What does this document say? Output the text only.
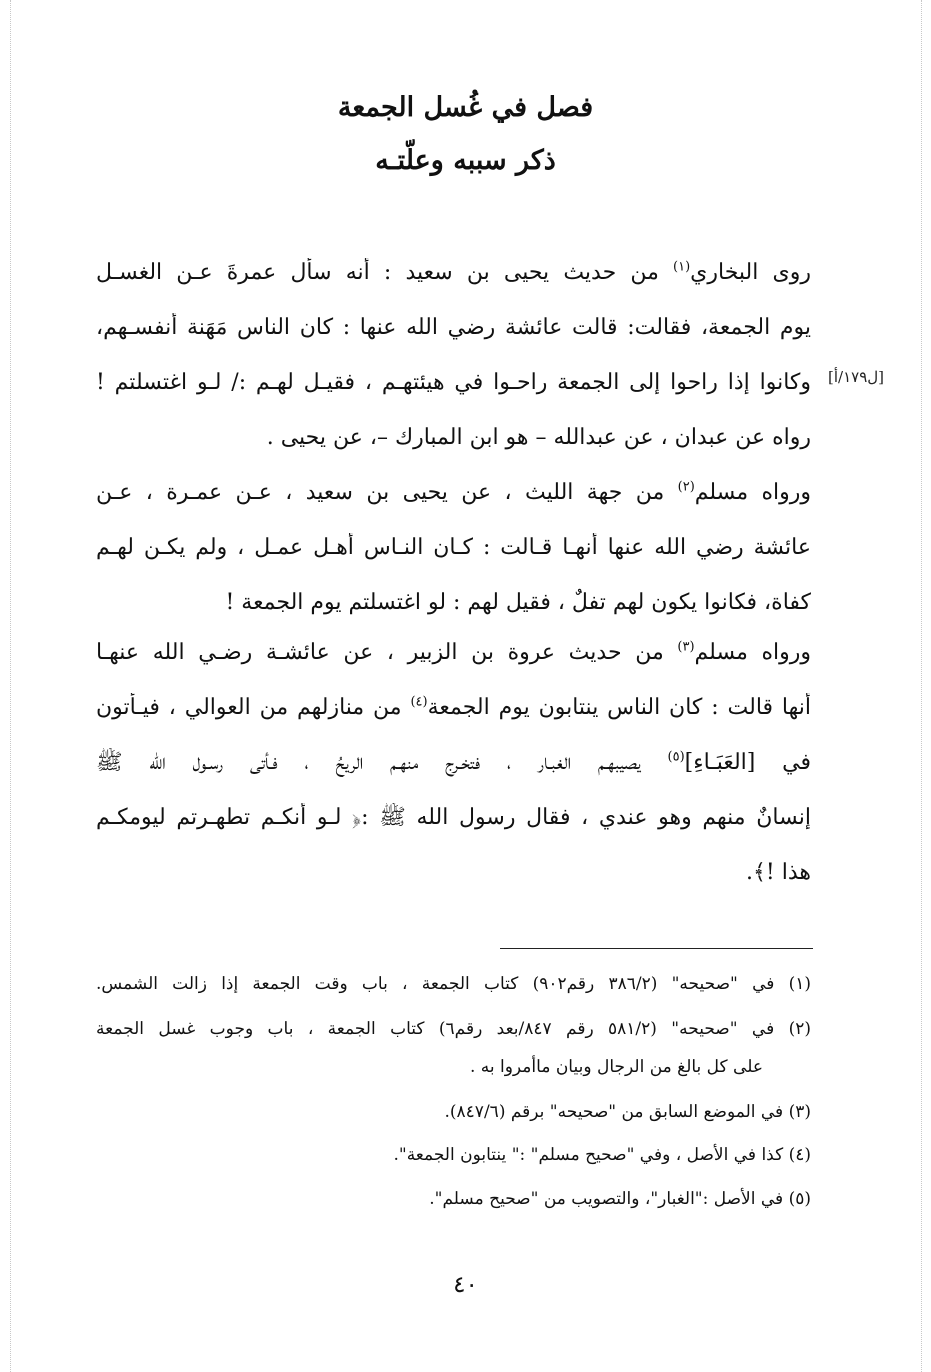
فصل في غُسل الجمعة
ذكر سببه وعلّتـه
روى البخاري$^{(١)}$ من حديث يحيى بن سعيد : أنه سأل عمرةَ عـن الغسـل
يوم الجمعة، فقالت: قالت عائشة رضي الله عنها : كان الناس مَهَنة أنفسـهم،
وكانوا إذا راحوا إلى الجمعة راحـوا في هيئتهـم ، فقيـل لهـم :/ لـو اغتسلتم !
رواه عن عبدان ، عن عبدالله – هو ابن المبارك –، عن يحيى .
ورواه مسلم$^{(٢)}$ من جهة الليث ، عن يحيى بن سعيد ، عـن عمـرة ، عـن
عائشة رضي الله عنها أنهـا قـالت : كـان النـاس أهـل عمـل ، ولم يكـن لهـم
كفاة، فكانوا يكون لهم تفلٌ ، فقيل لهم : لو اغتسلتم يوم الجمعة !
ورواه مسلم$^{(٣)}$ من حديث عروة بن الزبير ، عن عائشـة رضـي الله عنهـا
أنها قالت : كان الناس ينتابون يوم الجمعة$^{(٤)}$ من منازلهم من العوالي ، فيـأتون
في [العَبَـاءِ]$^{(٥)}$ يصيبهـم الغبـار ، فتخـرج منهـم الريحُ ، فـأتى رسـول الله ﷺ
إنسانٌ منهم وهو عندي ، فقال رسول الله ﷺ :﴿ لـو أنكـم تطهـرتم ليومكـم
هذا !﴾.
[ل١٧٩/أ]
(١) في "صحيحه" (٣٨٦/٢ رقم٩٠٢) كتاب الجمعة ، باب وقت الجمعة إذا زالت الشمس.
(٢) في "صحيحه" (٥٨١/٢ رقم ٨٤٧/بعد رقم٦) كتاب الجمعة ، باب وجوب غسل الجمعة
على كل بالغ من الرجال وبيان ماأمروا به .
(٣) في الموضع السابق من "صحيحه" برقم (٨٤٧/٦).
(٤) كذا في الأصل ، وفي "صحيح مسلم" :" ينتابون الجمعة".
(٥) في الأصل :"الغبار"، والتصويب من "صحيح مسلم".
٤٠
